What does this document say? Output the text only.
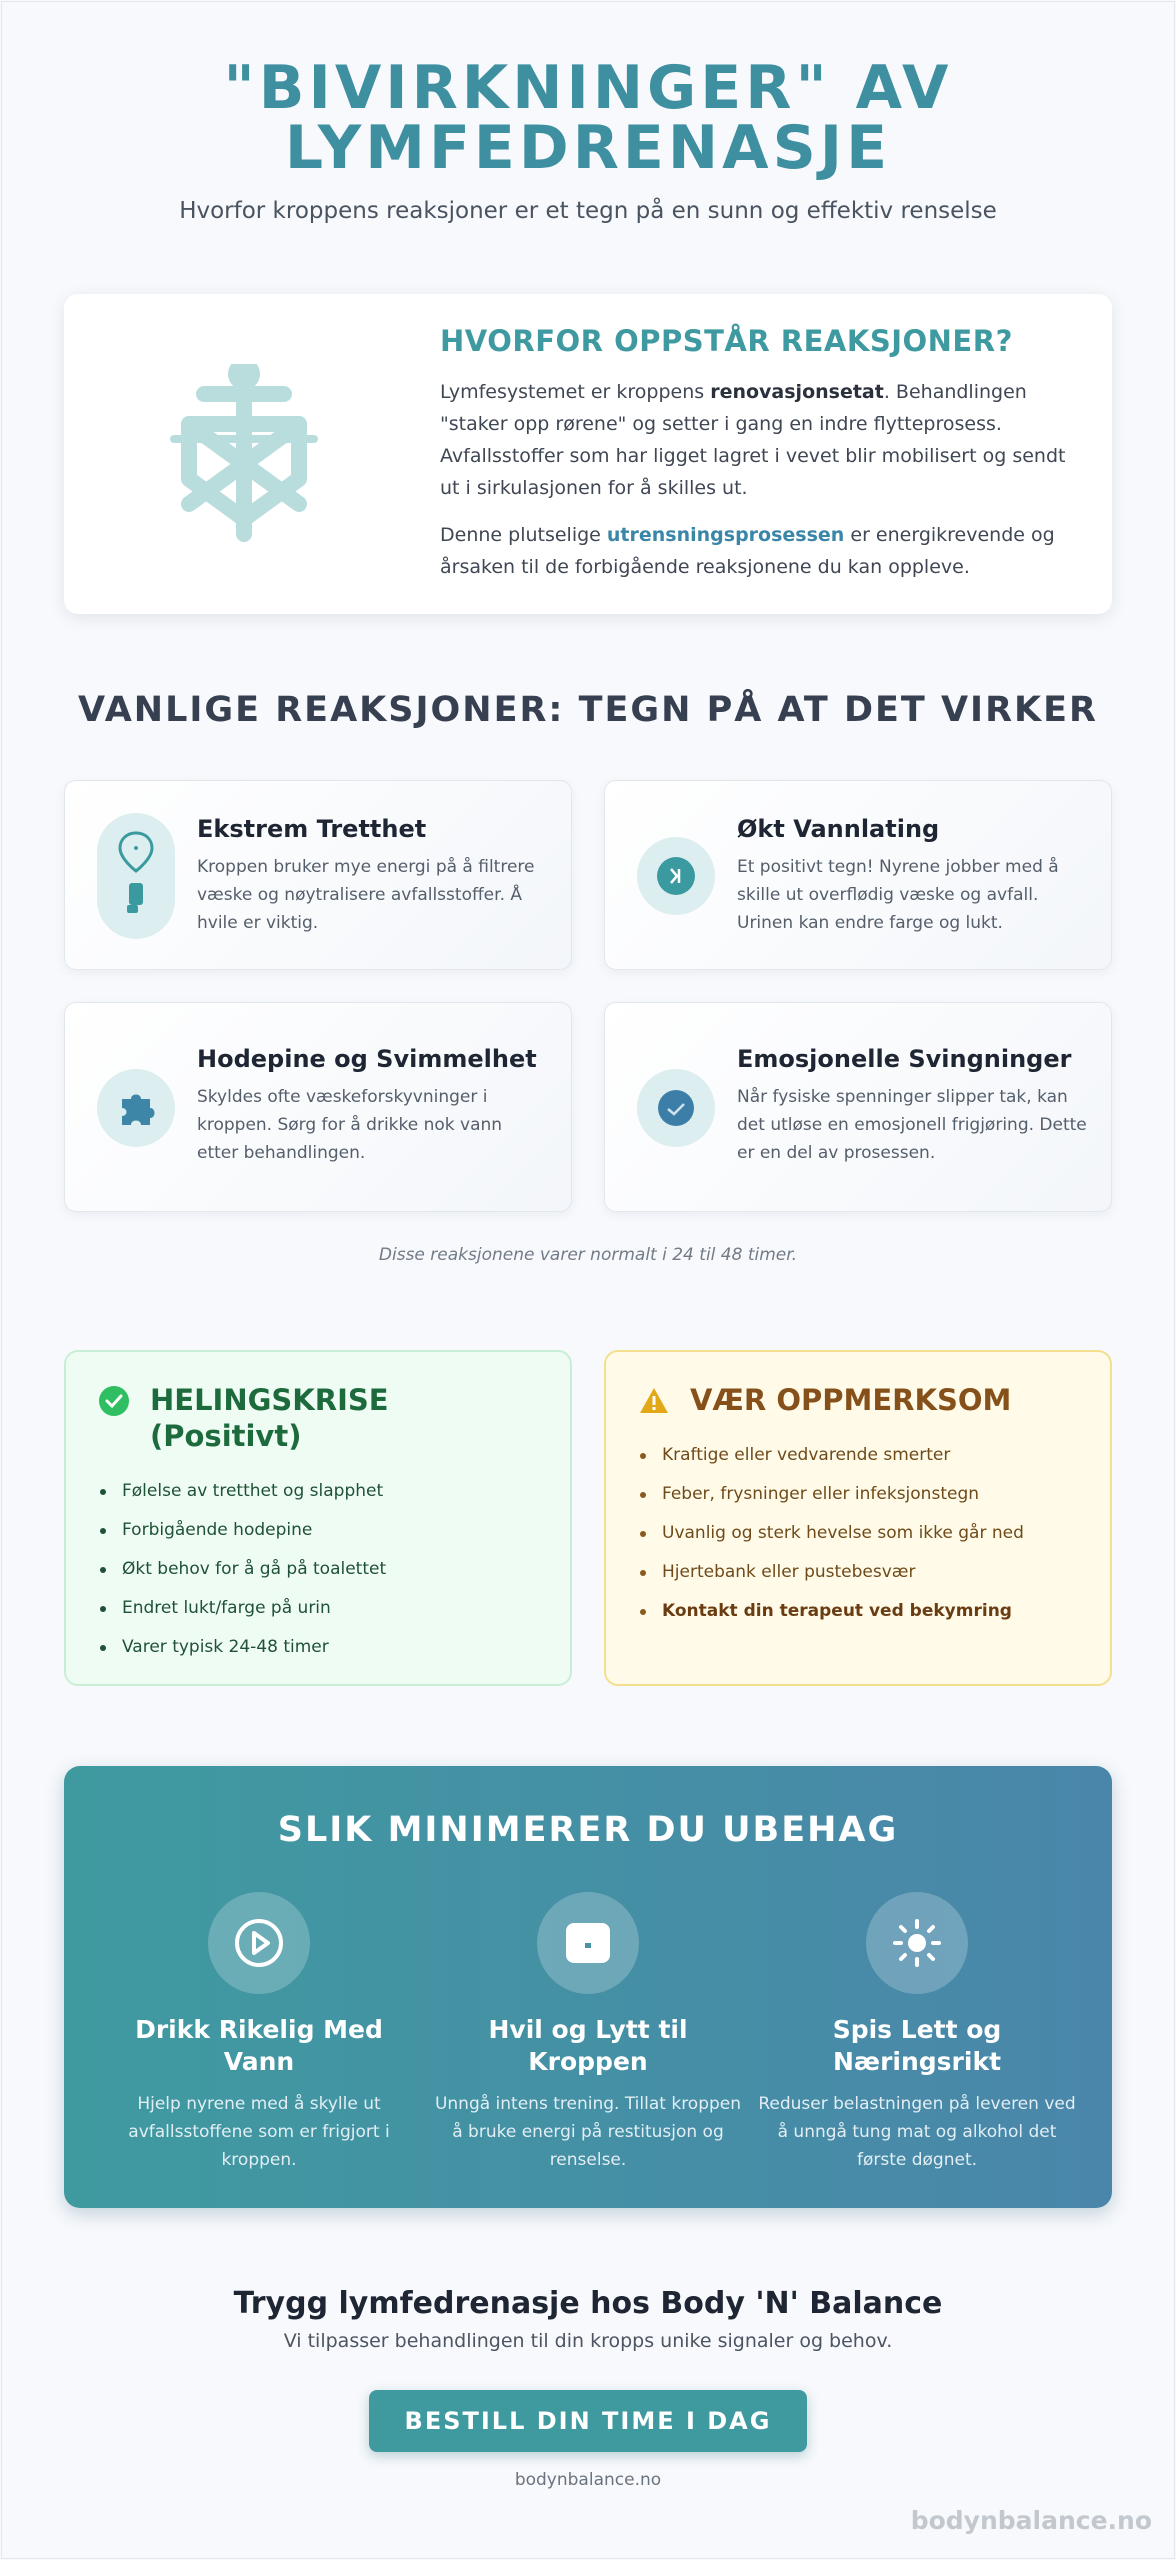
"BIVIRKNINGER" AV
LYMFEDRENASJE

Hvorfor kroppens reaksjoner er et tegn på en sunn og effektiv renselse

HVORFOR OPPSTÅR REAKSJONER?

Lymfesystemet er kroppens renovasjonsetat. Behandlingen "staker opp rørene" og setter i gang en indre flytteprosess. Avfallsstoffer som har ligget lagret i vevet blir mobilisert og sendt ut i sirkulasjonen for å skilles ut.

Denne plutselige utrensningsprosessen er energikrevende og årsaken til de forbigående reaksjonene du kan oppleve.

VANLIGE REAKSJONER: TEGN PÅ AT DET VIRKER
Ekstrem Tretthet
Kroppen bruker mye energi på å filtrere væske og nøytralisere avfallsstoffer. Å hvile er viktig.
Økt Vannlating
Et positivt tegn! Nyrene jobber med å skille ut overflødig væske og avfall. Urinen kan endre farge og lukt.
Hodepine og Svimmelhet
Skyldes ofte væskeforskyvninger i kroppen. Sørg for å drikke nok vann etter behandlingen.
Emosjonelle Svingninger
Når fysiske spenninger slipper tak, kan det utløse en emosjonell frigjøring. Dette er en del av prosessen.

Disse reaksjonene varer normalt i 24 til 48 timer.

HELINGSKRISE
(Positivt)
Følelse av tretthet og slapphet
Forbigående hodepine
Økt behov for å gå på toalettet
Endret lukt/farge på urin
Varer typisk 24-48 timer
VÆR OPPMERKSOM
Kraftige eller vedvarende smerter
Feber, frysninger eller infeksjonstegn
Uvanlig og sterk hevelse som ikke går ned
Hjertebank eller pustebesvær
Kontakt din terapeut ved bekymring
SLIK MINIMERER DU UBEHAG
Drikk Rikelig Med Vann
Hjelp nyrene med å skylle ut avfallsstoffene som er frigjort i kroppen.
Hvil og Lytt til Kroppen
Unngå intens trening. Tillat kroppen å bruke energi på restitusjon og renselse.
Spis Lett og Næringsrikt
Reduser belastningen på leveren ved å unngå tung mat og alkohol det første døgnet.
Trygg lymfedrenasje hos Body 'N' Balance

Vi tilpasser behandlingen til din kropps unike signaler og behov.

BESTILL DIN TIME I DAG
bodynbalance.no
bodynbalance.no
